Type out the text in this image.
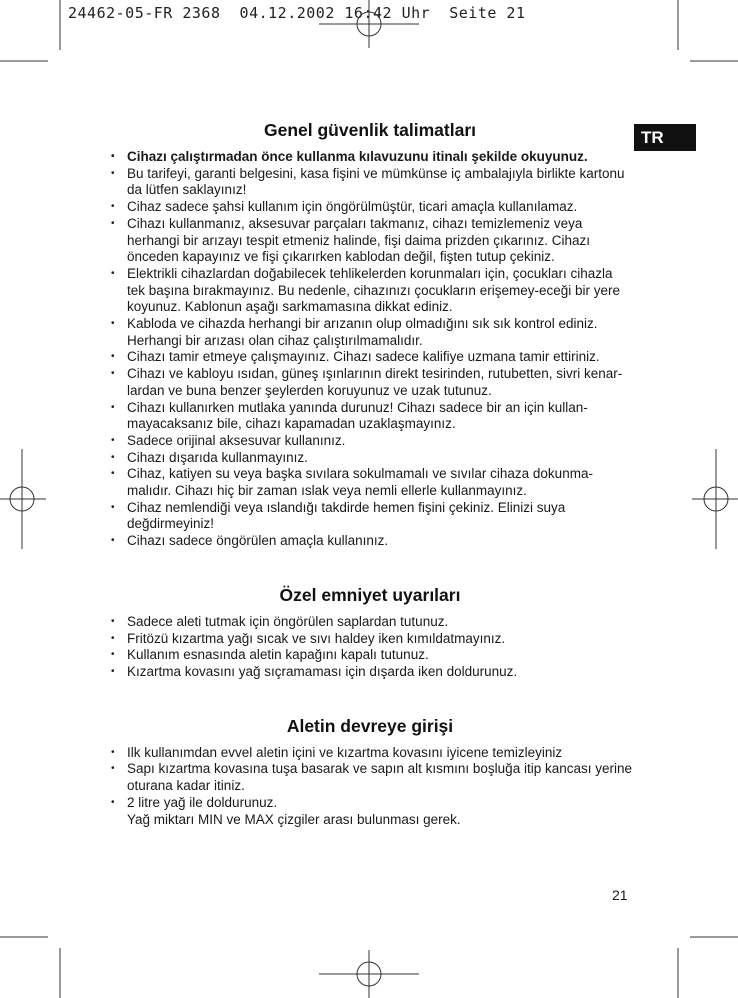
24462-05-FR 2368  04.12.2002 16:42 Uhr  Seite 21
TR
Genel güvenlik talimatları
• Cihazı çalıştırmadan önce kullanma kılavuzunu itinalı şekilde okuyunuz.
• Bu tarifeyi, garanti belgesini, kasa fişini ve mümkünse iç ambalajıyla birlikte kartonu da lütfen saklayınız!
• Cihaz sadece şahsi kullanım için öngörülmüştür, ticari amaçla kullanılamaz.
• Cihazı kullanmanız, aksesuvar parçaları takmanız, cihazı temizlemeniz veya herhangi bir arızayı tespit etmeniz halinde, fişi daima prizden çıkarınız. Cihazı önceden kapayınız ve fişi çıkarırken kablodan değil, fişten tutup çekiniz.
• Elektrikli cihazlardan doğabilecek tehlikelerden korunmaları için, çocukları cihazla tek başına bırakmayınız. Bu nedenle, cihazınızı çocukların erişemey-eceği bir yere koyunuz. Kablonun aşağı sarkmamasına dikkat ediniz.
• Kabloda ve cihazda herhangi bir arızanın olup olmadığını sık sık kontrol ediniz. Herhangi bir arızası olan cihaz çalıştırılmamalıdır.
• Cihazı tamir etmeye çalışmayınız. Cihazı sadece kalifiye uzmana tamir ettiriniz.
• Cihazı ve kabloyu ısıdan, güneş ışınlarının direkt tesirinden, rutubetten, sivri kenar-lardan ve buna benzer şeylerden koruyunuz ve uzak tutunuz.
• Cihazı kullanırken mutlaka yanında durunuz! Cihazı sadece bir an için kullan-mayacaksanız bile, cihazı kapamadan uzaklaşmayınız.
• Sadece orijinal aksesuvar kullanınız.
• Cihazı dışarıda kullanmayınız.
• Cihaz, katiyen su veya başka sıvılara sokulmamalı ve sıvılar cihaza dokunma-malıdır. Cihazı hiç bir zaman ıslak veya nemli ellerle kullanmayınız.
• Cihaz nemlendiği veya ıslandığı takdirde hemen fişini çekiniz. Elinizi suya değdirmeyiniz!
• Cihazı sadece öngörülen amaçla kullanınız.
Özel emniyet uyarıları
• Sadece aleti tutmak için öngörülen saplardan tutunuz.
• Fritözü kızartma yağı sıcak ve sıvı haldey iken kımıldatmayınız.
• Kullanım esnasında aletin kapağını kapalı tutunuz.
• Kızartma kovasını yağ sıçramaması için dışarda iken doldurunuz.
Aletin devreye girişi
• Ilk kullanımdan evvel aletin içini ve kızartma kovasını iyicene temizleyiniz
• Sapı kızartma kovasına tuşa basarak ve sapın alt kısmını boşluğa itip kancası yerine oturana kadar itiniz.
• 2 litre yağ ile doldurunuz.
Yağ miktarı MIN ve MAX çizgiler arası bulunması gerek.
21
